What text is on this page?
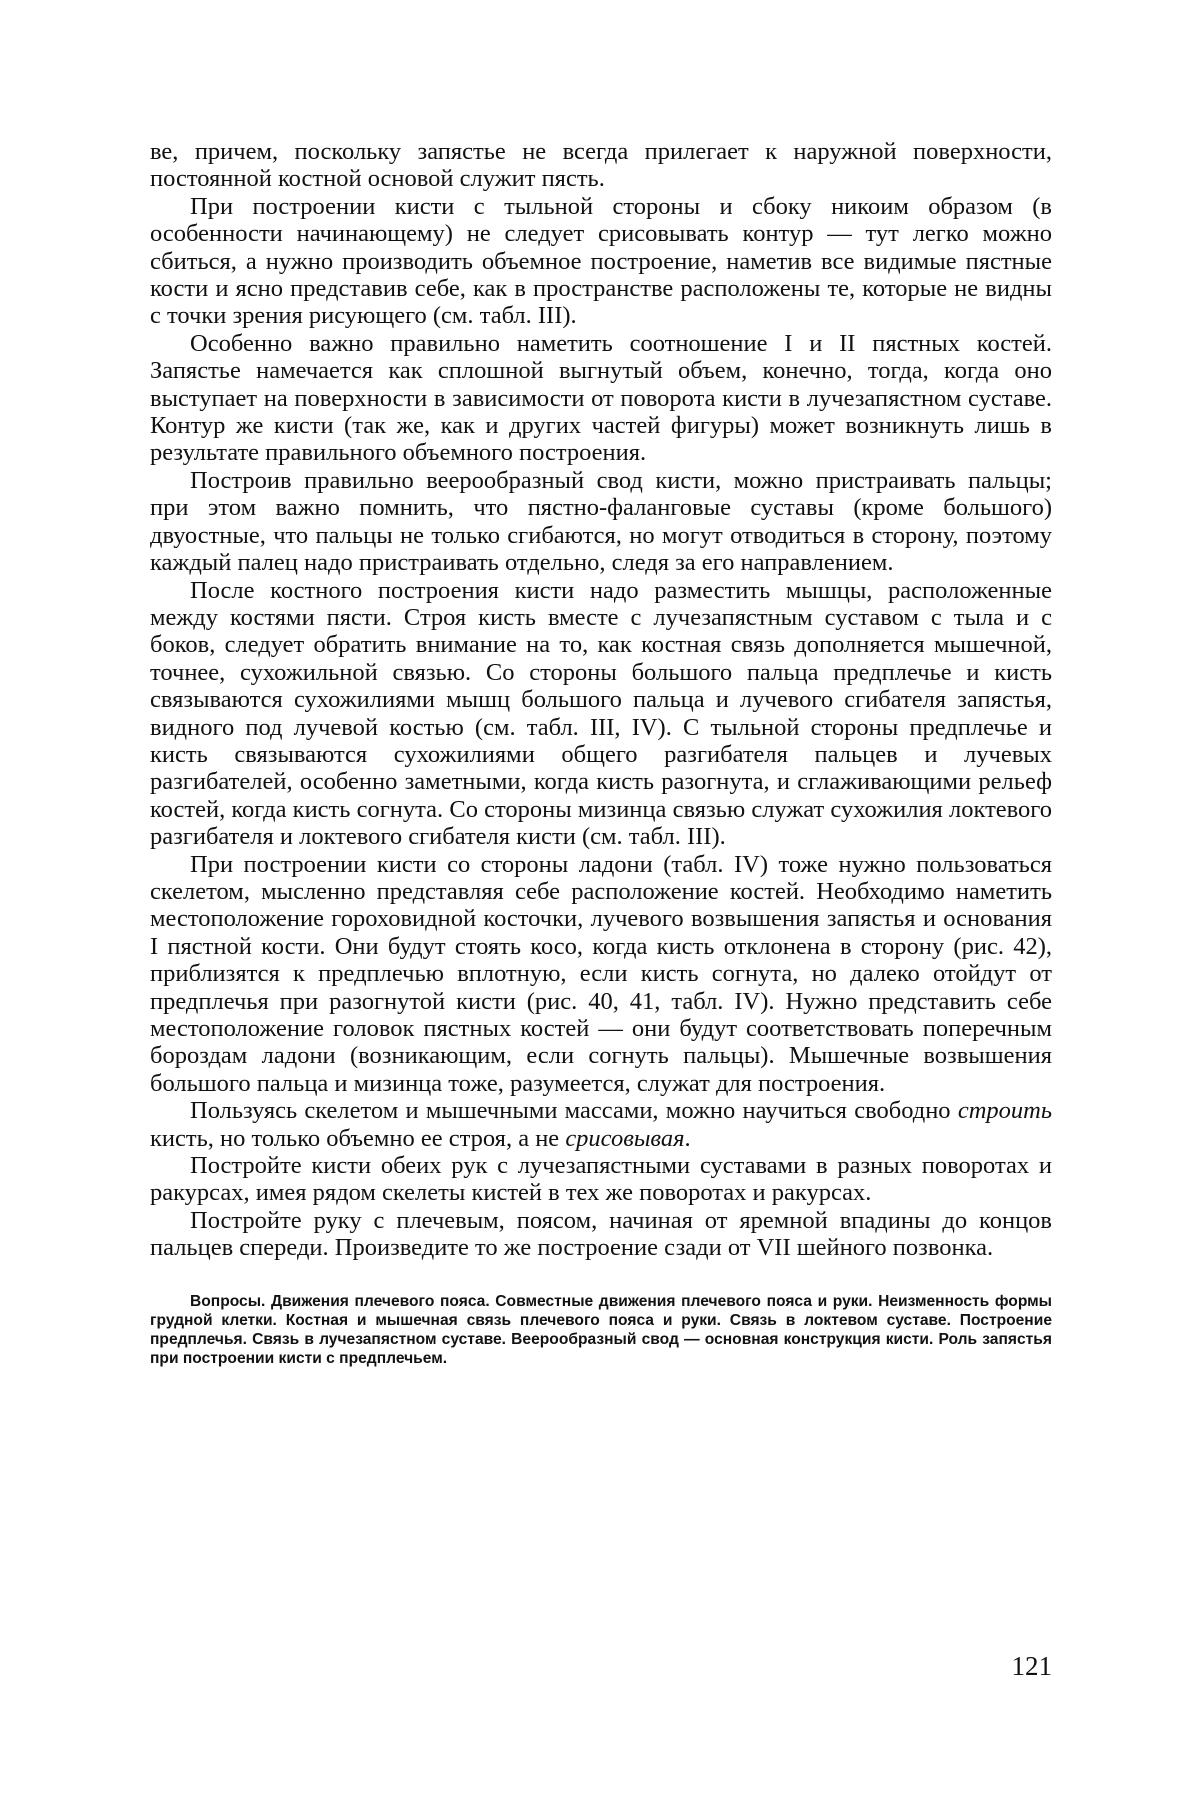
ве, причем, поскольку запястье не всегда прилегает к наружной поверхности, постоянной костной основой служит пясть.

При построении кисти с тыльной стороны и сбоку никоим образом (в особенности начинающему) не следует срисовывать контур — тут легко можно сбиться, а нужно производить объемное построение, наметив все видимые пястные кости и ясно представив себе, как в пространстве расположены те, которые не видны с точки зрения рисующего (см. табл. III).

Особенно важно правильно наметить соотношение I и II пястных костей. Запястье намечается как сплошной выгнутый объем, конечно, тогда, когда оно выступает на поверхности в зависимости от поворота кисти в лучезапястном суставе. Контур же кисти (так же, как и других частей фигуры) может возникнуть лишь в результате правильного объемного построения.

Построив правильно веерообразный свод кисти, можно пристраивать пальцы; при этом важно помнить, что пястно-фаланговые суставы (кроме большого) двуостные, что пальцы не только сгибаются, но могут отводиться в сторону, поэтому каждый палец надо пристраивать отдельно, следя за его направлением.

После костного построения кисти надо разместить мышцы, расположенные между костями пясти. Строя кисть вместе с лучезапястным суставом с тыла и с боков, следует обратить внимание на то, как костная связь дополняется мышечной, точнее, сухожильной связью. Со стороны большого пальца предплечье и кисть связываются сухожилиями мышц большого пальца и лучевого сгибателя запястья, видного под лучевой костью (см. табл. III, IV). С тыльной стороны предплечье и кисть связываются сухожилиями общего разгибателя пальцев и лучевых разгибателей, особенно заметными, когда кисть разогнута, и сглаживающими рельеф костей, когда кисть согнута. Со стороны мизинца связью служат сухожилия локтевого разгибателя и локтевого сгибателя кисти (см. табл. III).

При построении кисти со стороны ладони (табл. IV) тоже нужно пользоваться скелетом, мысленно представляя себе расположение костей. Необходимо наметить местоположение гороховидной косточки, лучевого возвышения запястья и основания I пястной кости. Они будут стоять косо, когда кисть отклонена в сторону (рис. 42), приблизятся к предплечью вплотную, если кисть согнута, но далеко отойдут от предплечья при разогнутой кисти (рис. 40, 41, табл. IV). Нужно представить себе местоположение головок пястных костей — они будут соответствовать поперечным бороздам ладони (возникающим, если согнуть пальцы). Мышечные возвышения большого пальца и мизинца тоже, разумеется, служат для построения.

Пользуясь скелетом и мышечными массами, можно научиться свободно строить кисть, но только объемно ее строя, а не срисовывая.

Постройте кисти обеих рук с лучезапястными суставами в разных поворотах и ракурсах, имея рядом скелеты кистей в тех же поворотах и ракурсах.

Постройте руку с плечевым, поясом, начиная от яремной впадины до концов пальцев спереди. Произведите то же построение сзади от VII шейного позвонка.

Вопросы. Движения плечевого пояса. Совместные движения плечевого пояса и руки. Неизменность формы грудной клетки. Костная и мышечная связь плечевого пояса и руки. Связь в локтевом суставе. Построение предплечья. Связь в лучезапястном суставе. Веерообразный свод — основная конструкция кисти. Роль запястья при построении кисти с предплечьем.
121
